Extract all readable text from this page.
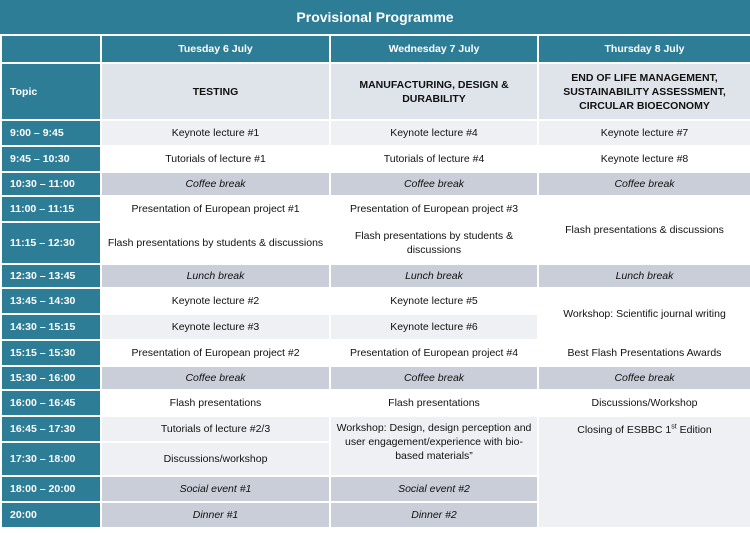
Provisional Programme
	Tuesday 6 July	Wednesday 7 July	Thursday 8 July
Topic	TESTING	MANUFACTURING, DESIGN & DURABILITY	END OF LIFE MANAGEMENT, SUSTAINABILITY ASSESSMENT, CIRCULAR BIOECONOMY
9:00 – 9:45	Keynote lecture #1	Keynote lecture #4	Keynote lecture #7
9:45 – 10:30	Tutorials of lecture #1	Tutorials of lecture #4	Keynote lecture #8
10:30 – 11:00	Coffee break	Coffee break	Coffee break
11:00 – 11:15	Presentation of European project #1	Presentation of European project #3	Flash presentations & discussions
11:15 – 12:30	Flash presentations by students & discussions	Flash presentations by students & discussions	
12:30 – 13:45	Lunch break	Lunch break	Lunch break
13:45 – 14:30	Keynote lecture #2	Keynote lecture #5	Workshop: Scientific journal writing
14:30 – 15:15	Keynote lecture #3	Keynote lecture #6	
15:15 – 15:30	Presentation of European project #2	Presentation of European project #4	Best Flash Presentations Awards
15:30 – 16:00	Coffee break	Coffee break	Coffee break
16:00 – 16:45	Flash presentations	Flash presentations	Discussions/Workshop
16:45 – 17:30	Tutorials of lecture #2/3	Workshop: Design, design perception and user engagement/experience with bio-based materials”	Closing of ESBBC 1st Edition
17:30 – 18:00	Discussions/workshop		
18:00 – 20:00	Social event #1	Social event #2	
20:00	Dinner #1	Dinner #2	
